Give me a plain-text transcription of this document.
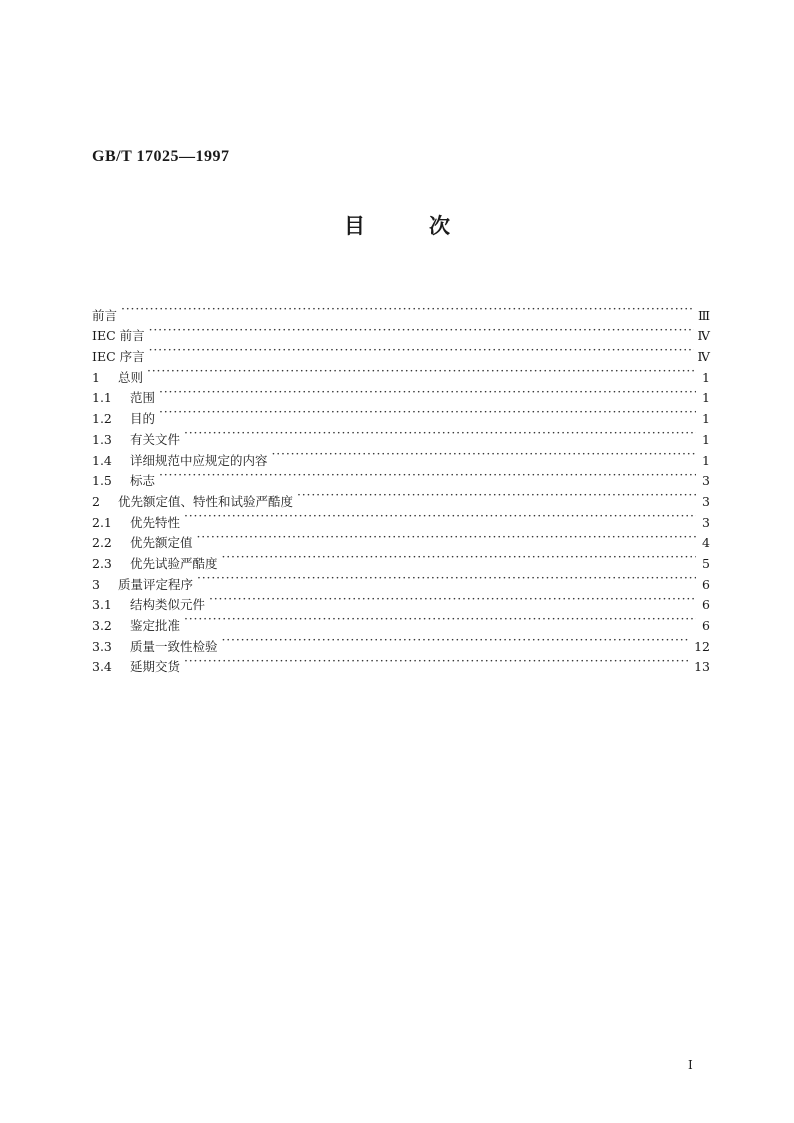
GB/T 17025—1997
目次
前言 ·····	Ⅲ
IEC 前言 ·····	Ⅳ
IEC 序言 ·····	Ⅳ
1	总则 ·····	1
1.1	范围 ·····	1
1.2	目的 ·····	1
1.3	有关文件 ·····	1
1.4	详细规范中应规定的内容 ·····	1
1.5	标志 ·····	3
2	优先额定值、特性和试验严酷度 ·····	3
2.1	优先特性 ·····	3
2.2	优先额定值 ·····	4
2.3	优先试验严酷度 ·····	5
3	质量评定程序 ·····	6
3.1	结构类似元件 ·····	6
3.2	鉴定批准 ·····	6
3.3	质量一致性检验 ·····	12
3.4	延期交货 ·····	13
I
